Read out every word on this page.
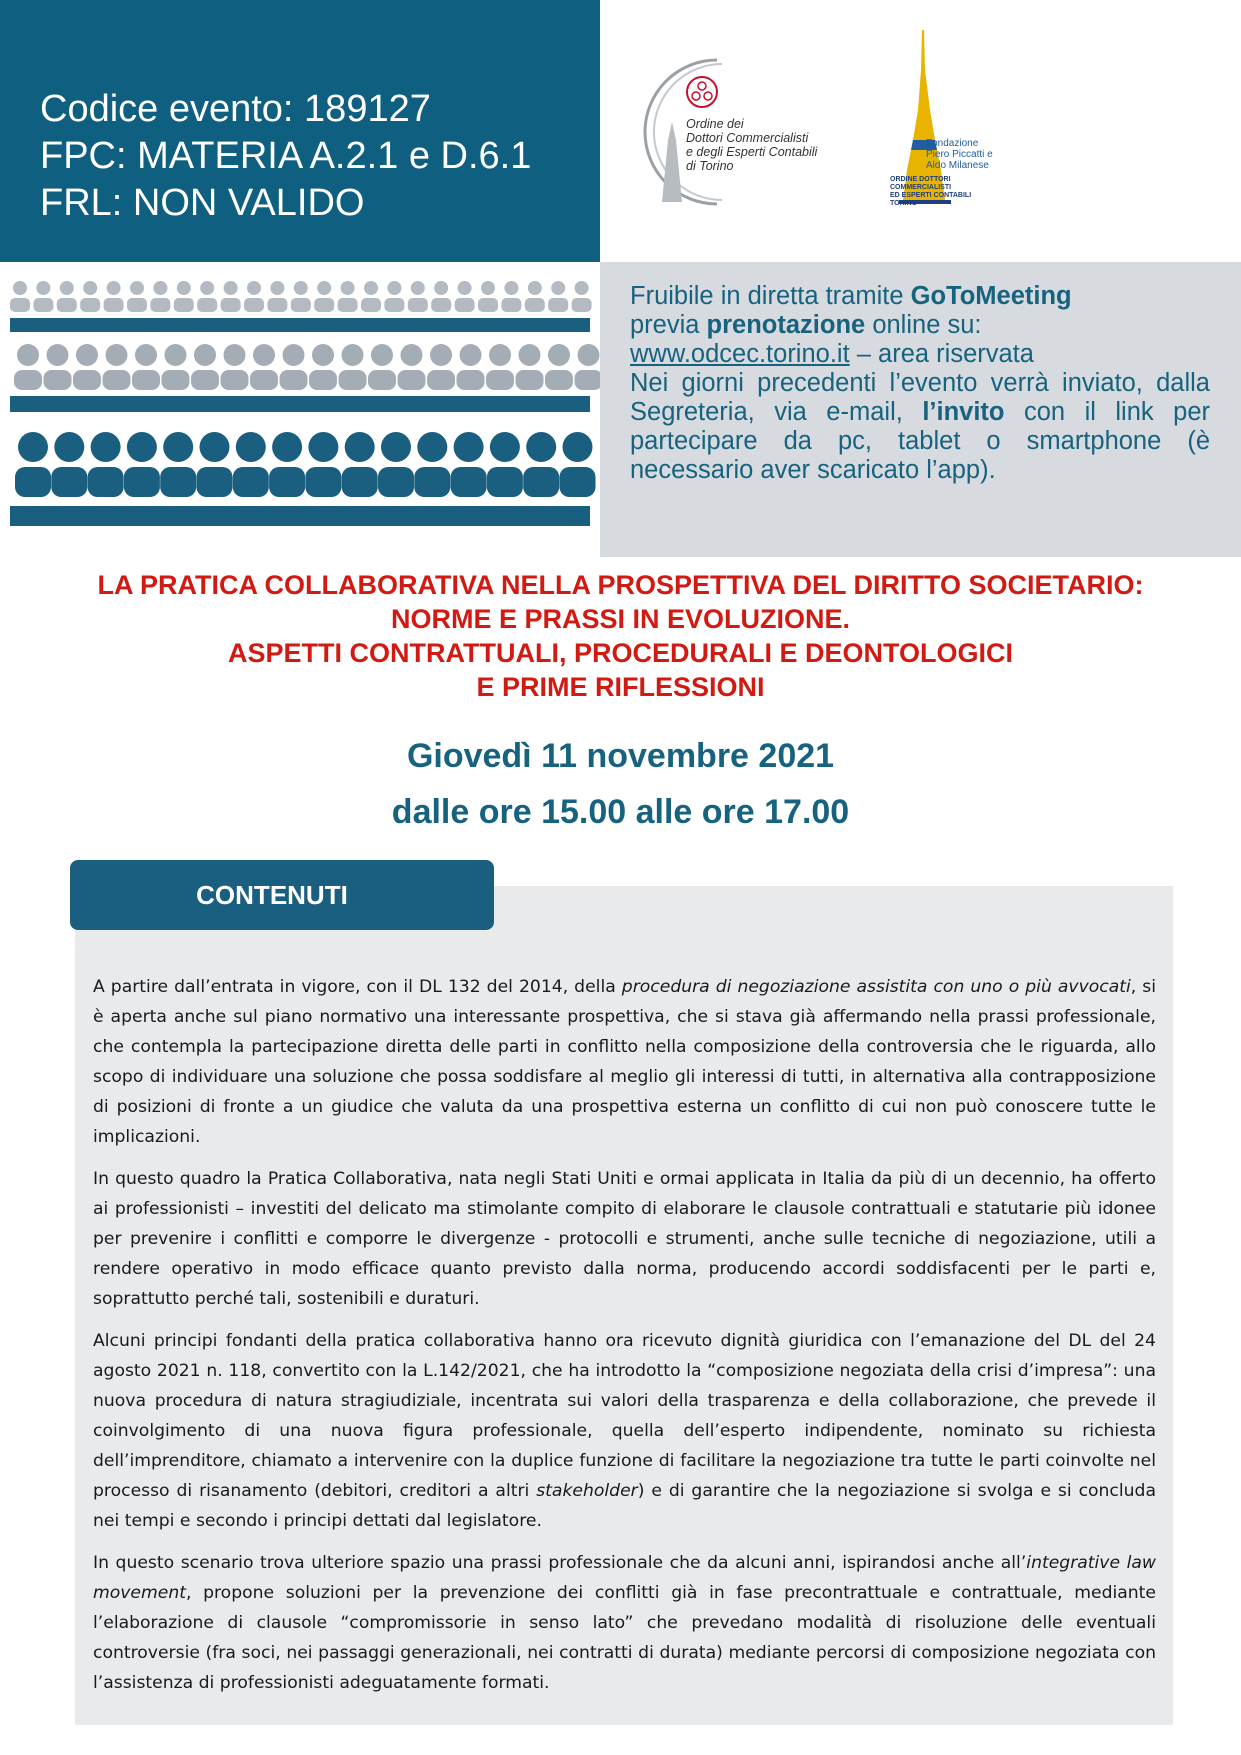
Codice evento: 189127
FPC: MATERIA A.2.1 e D.6.1
FRL: NON VALIDO
Ordine dei
Dottori Commercialisti
e degli Esperti Contabili
di Torino
Fondazione
Piero Piccatti e
Aldo Milanese
ORDINE DOTTORI
COMMERCIALISTI
ED ESPERTI CONTABILI
TORINO

Fruibile in diretta tramite GoToMeeting

previa prenotazione online su:

www.odcec.torino.it – area riservata

Nei giorni precedenti l’evento verrà inviato, dalla Segreteria, via e-mail, l’invito con il link per partecipare da pc, tablet o smartphone (è necessario aver scaricato l’app).

LA PRATICA COLLABORATIVA NELLA PROSPETTIVA DEL DIRITTO SOCIETARIO:
NORME E PRASSI IN EVOLUZIONE.
ASPETTI CONTRATTUALI, PROCEDURALI E DEONTOLOGICI
E PRIME RIFLESSIONI
Giovedì 11 novembre 2021
dalle ore 15.00 alle ore 17.00
CONTENUTI

A partire dall’entrata in vigore, con il DL 132 del 2014, della procedura di negoziazione assistita con uno o più avvocati, si è aperta anche sul piano normativo una interessante prospettiva, che si stava già affermando nella prassi professionale, che contempla la partecipazione diretta delle parti in conflitto nella composizione della controversia che le riguarda, allo scopo di individuare una soluzione che possa soddisfare al meglio gli interessi di tutti, in alternativa alla contrapposizione di posizioni di fronte a un giudice che valuta da una prospettiva esterna un conflitto di cui non può conoscere tutte le implicazioni.

In questo quadro la Pratica Collaborativa, nata negli Stati Uniti e ormai applicata in Italia da più di un decennio, ha offerto ai professionisti – investiti del delicato ma stimolante compito di elaborare le clausole contrattuali e statutarie più idonee per prevenire i conflitti e comporre le divergenze - protocolli e strumenti, anche sulle tecniche di negoziazione, utili a rendere operativo in modo efficace quanto previsto dalla norma, producendo accordi soddisfacenti per le parti e, soprattutto perché tali, sostenibili e duraturi.

Alcuni principi fondanti della pratica collaborativa hanno ora ricevuto dignità giuridica con l’emanazione del DL del 24 agosto 2021 n. 118, convertito con la L.142/2021, che ha introdotto la “composizione negoziata della crisi d’impresa”: una nuova procedura di natura stragiudiziale, incentrata sui valori della trasparenza e della collaborazione, che prevede il coinvolgimento di una nuova figura professionale, quella dell’esperto indipendente, nominato su richiesta dell’imprenditore, chiamato a intervenire con la duplice funzione di facilitare la negoziazione tra tutte le parti coinvolte nel processo di risanamento (debitori, creditori a altri stakeholder) e di garantire che la negoziazione si svolga e si concluda nei tempi e secondo i principi dettati dal legislatore.

In questo scenario trova ulteriore spazio una prassi professionale che da alcuni anni, ispirandosi anche all’integrative law movement, propone soluzioni per la prevenzione dei conflitti già in fase precontrattuale e contrattuale, mediante l’elaborazione di clausole “compromissorie in senso lato” che prevedano modalità di risoluzione delle eventuali controversie (fra soci, nei passaggi generazionali, nei contratti di durata) mediante percorsi di composizione negoziata con l’assistenza di professionisti adeguatamente formati.
